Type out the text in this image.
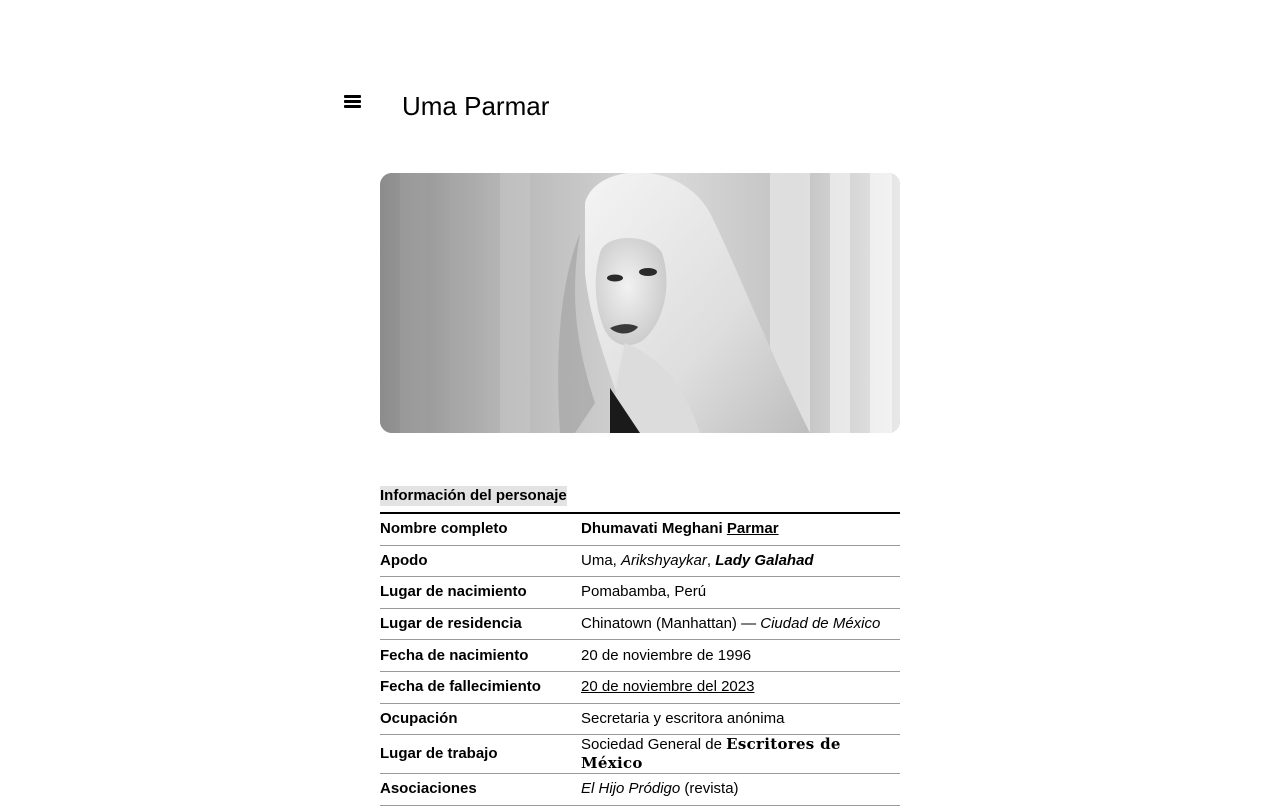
Uma Parmar
Información del personaje
Nombre completo	Dhumavati Meghani Parmar
Apodo	Uma, Arikshyaykar, Lady Galahad
Lugar de nacimiento	Pomabamba, Perú
Lugar de residencia	Chinatown (Manhattan) — Ciudad de México
Fecha de nacimiento	20 de noviembre de 1996
Fecha de fallecimiento	20 de noviembre del 2023
Ocupación	Secretaria y escritora anónima
Lugar de trabajo	Sociedad General de Escritores de México
Asociaciones	El Hijo Pródigo (revista)
